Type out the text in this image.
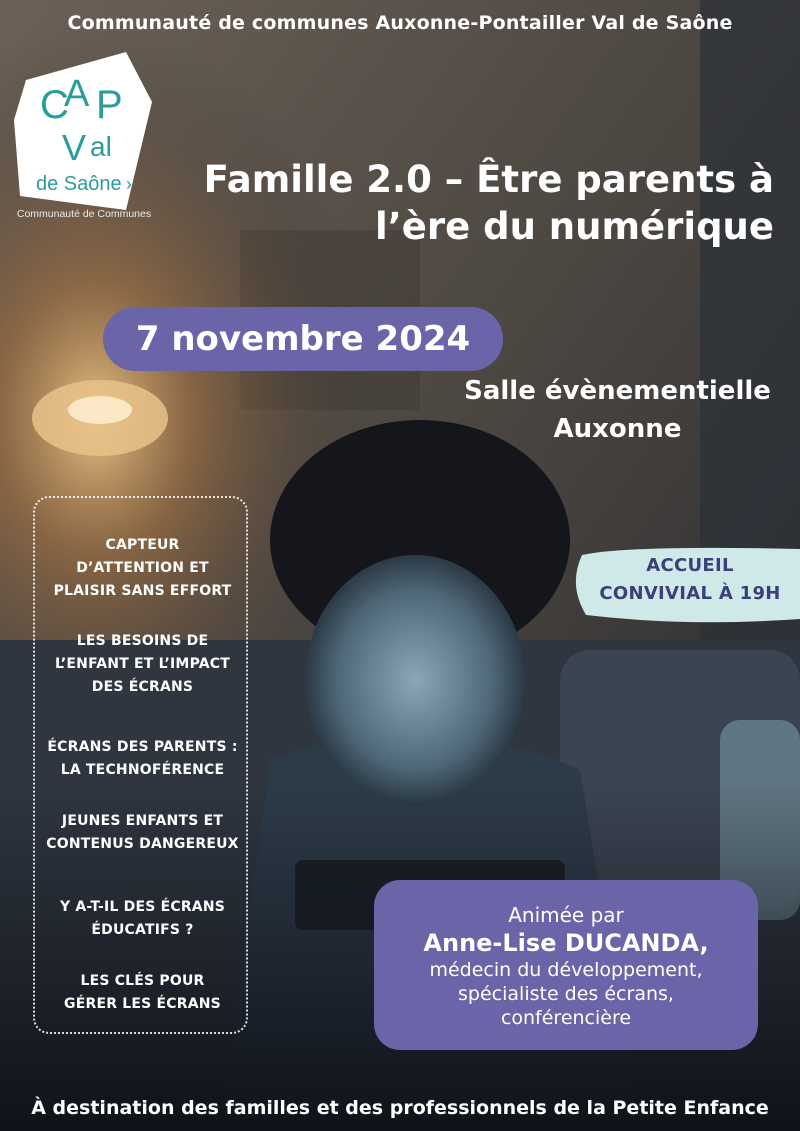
Communauté de communes Auxonne-Pontailler Val de Saône
C
A P
V al
de Saône ›
Communauté de Communes
Famille 2.0 – Être parents à
l’ère du numérique
7 novembre 2024
Salle évènementielle
Auxonne
CAPTEUR
D’ATTENTION ET
PLAISIR SANS EFFORT
LES BESOINS DE
L’ENFANT ET L’IMPACT
DES ÉCRANS
ÉCRANS DES PARENTS :
LA TECHNOFÉRENCE
JEUNES ENFANTS ET
CONTENUS DANGEREUX
Y A-T-IL DES ÉCRANS
ÉDUCATIFS ?
LES CLÉS POUR
GÉRER LES ÉCRANS
ACCUEIL
CONVIVIAL À 19H
Animée par
Anne-Lise DUCANDA,
médecin du développement,
spécialiste des écrans,
conférencière
À destination des familles et des professionnels de la Petite Enfance
